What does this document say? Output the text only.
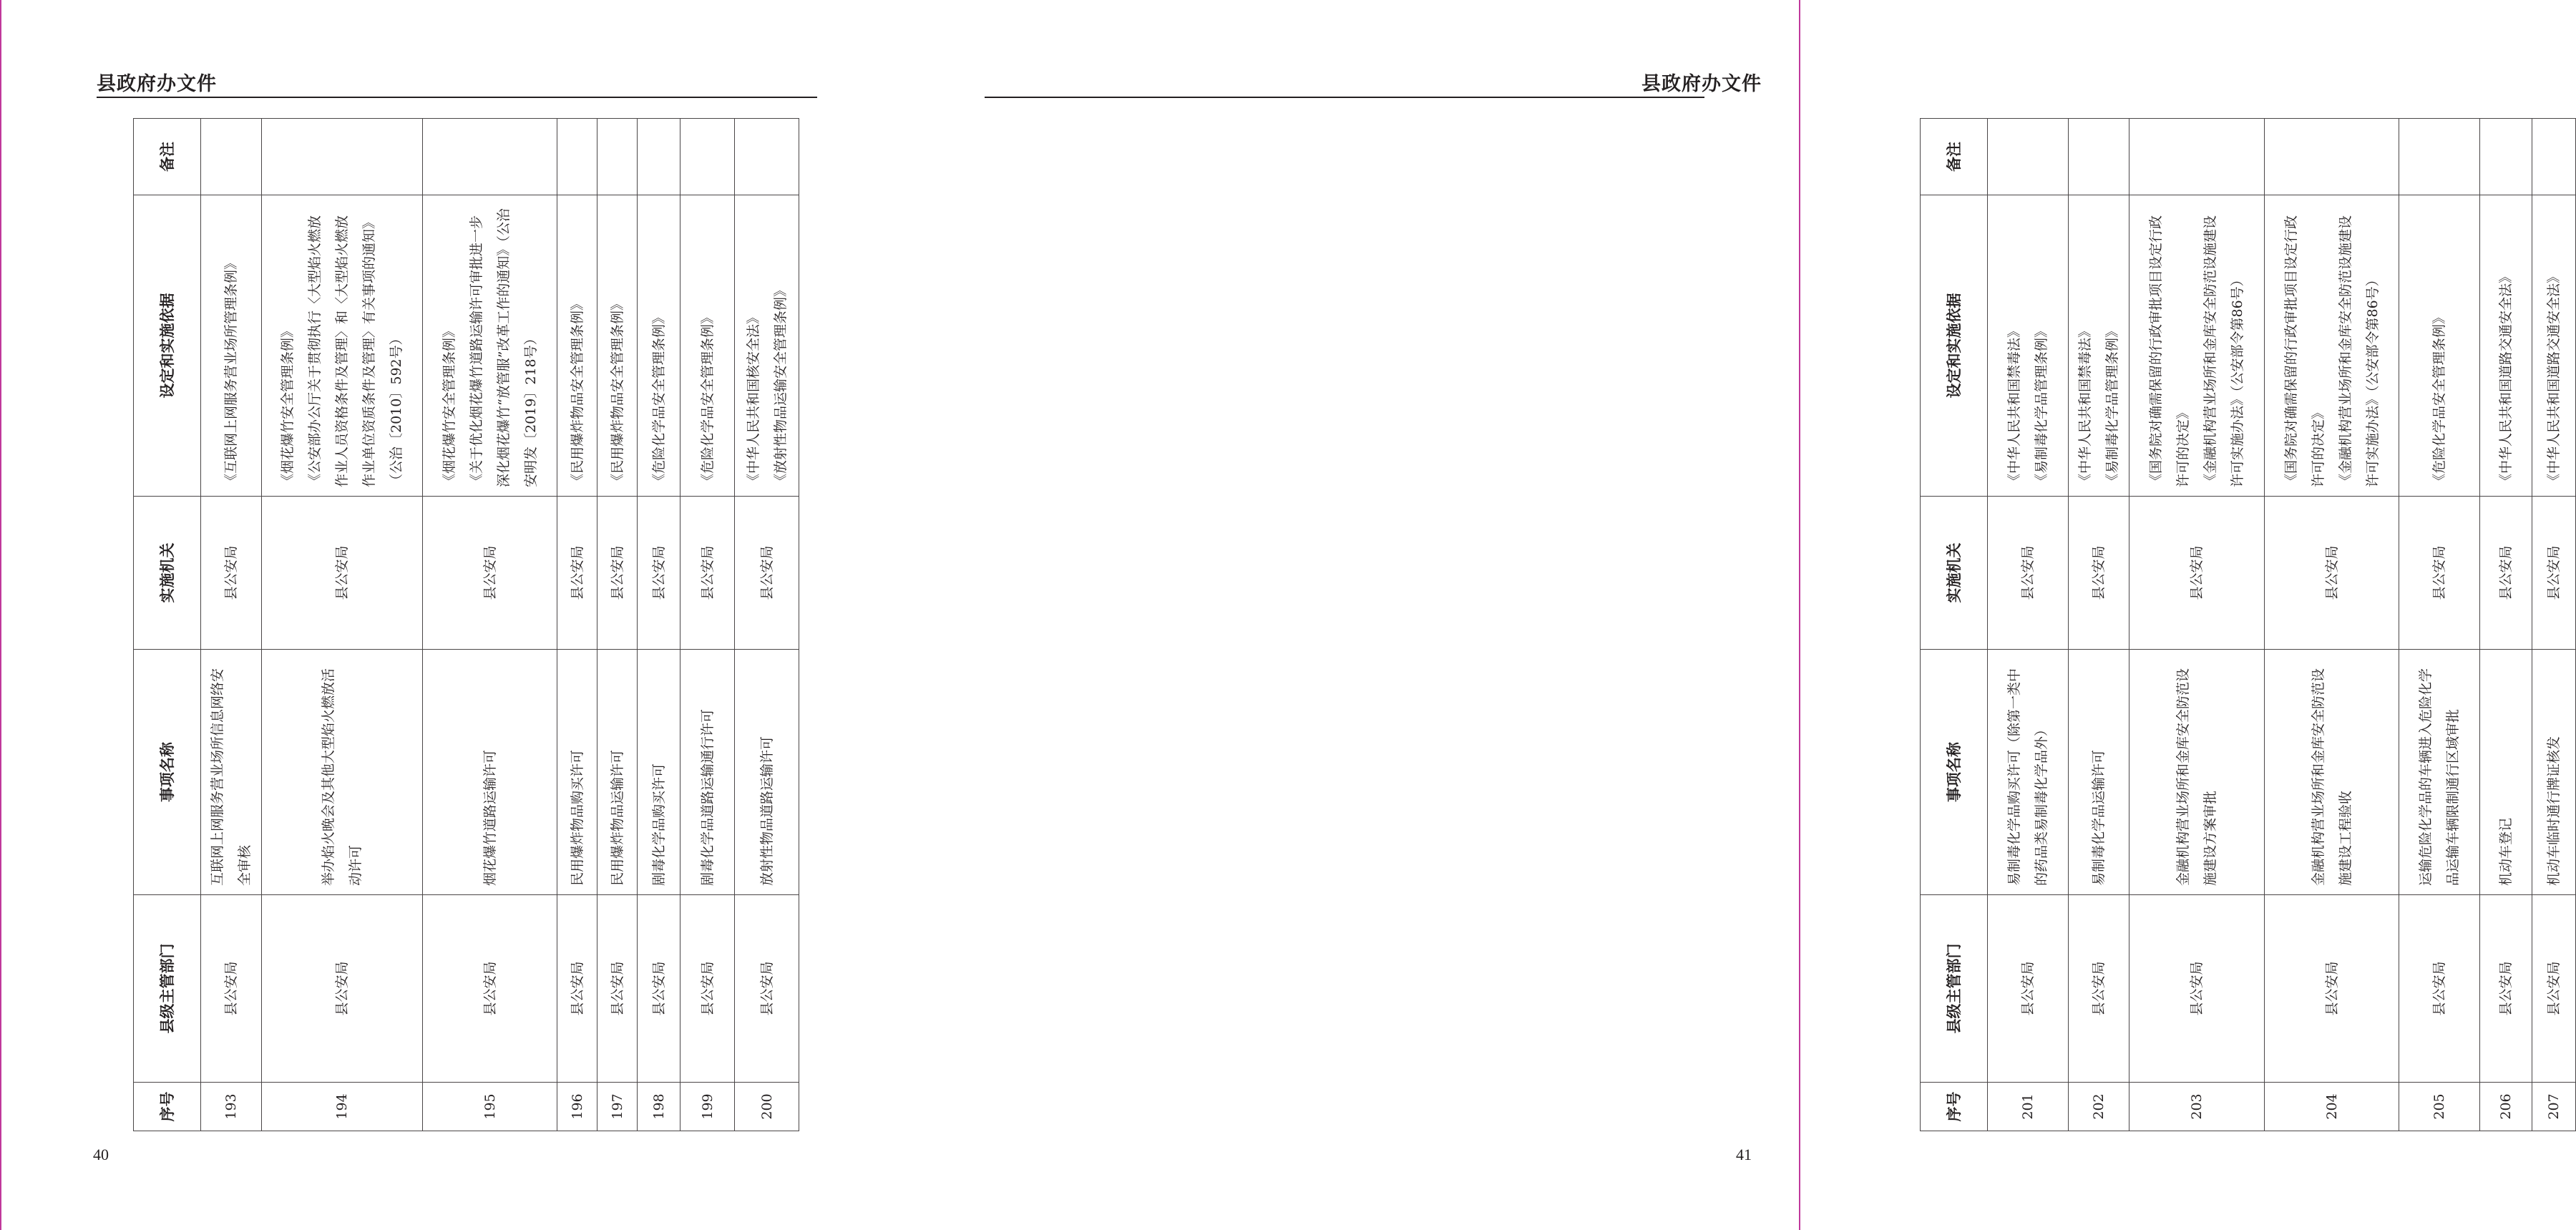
县政府办文件
序号	县级主管部门	事项名称	实施机关	设定和实施依据	备注
193	县公安局	互联网上网服务营业场所信息网络安全审核	县公安局	《互联网上网服务营业场所管理条例》	

194	县公安局	举办焰火晚会及其他大型焰火燃放活动许可	县公安局	《烟花爆竹安全管理条例》 《公安部办公厅关于贯彻执行〈大型焰火燃放作业人员资格条件及管理〉和〈大型焰火燃放作业单位资质条件及管理〉有关事项的通知》（公治〔2010〕592号）	

195	县公安局	烟花爆竹道路运输许可	县公安局	《烟花爆竹安全管理条例》 《关于优化烟花爆竹道路运输许可审批进一步深化烟花爆竹“放管服”改革工作的通知》（公治安明发〔2019〕218号）	

196	县公安局	民用爆炸物品购买许可	县公安局	《民用爆炸物品安全管理条例》	

197	县公安局	民用爆炸物品运输许可	县公安局	《民用爆炸物品安全管理条例》	

198	县公安局	剧毒化学品购买许可	县公安局	《危险化学品安全管理条例》	

199	县公安局	剧毒化学品道路运输通行许可	县公安局	《危险化学品安全管理条例》	

200	县公安局	放射性物品道路运输许可	县公安局	《中华人民共和国核安全法》 《放射性物品运输安全管理条例》	

40

县政府办文件
序号	县级主管部门	事项名称	实施机关	设定和实施依据	备注
201	县公安局	易制毒化学品购买许可（除第一类中的药品类易制毒化学品外）	县公安局	《中华人民共和国禁毒法》 《易制毒化学品管理条例》	

202	县公安局	易制毒化学品运输许可	县公安局	《中华人民共和国禁毒法》 《易制毒化学品管理条例》	

203	县公安局	金融机构营业场所和金库安全防范设施建设方案审批	县公安局	《国务院对确需保留的行政审批项目设定行政许可的决定》 《金融机构营业场所和金库安全防范设施建设许可实施办法》（公安部令第86号）	

204	县公安局	金融机构营业场所和金库安全防范设施建设工程验收	县公安局	《国务院对确需保留的行政审批项目设定行政许可的决定》 《金融机构营业场所和金库安全防范设施建设许可实施办法》（公安部令第86号）	

205	县公安局	运输危险化学品的车辆进入危险化学品运输车辆限制通行区域审批	县公安局	《危险化学品安全管理条例》	

206	县公安局	机动车登记	县公安局	《中华人民共和国道路交通安全法》	

207	县公安局	机动车临时通行牌证核发	县公安局	《中华人民共和国道路交通安全法》	

41
